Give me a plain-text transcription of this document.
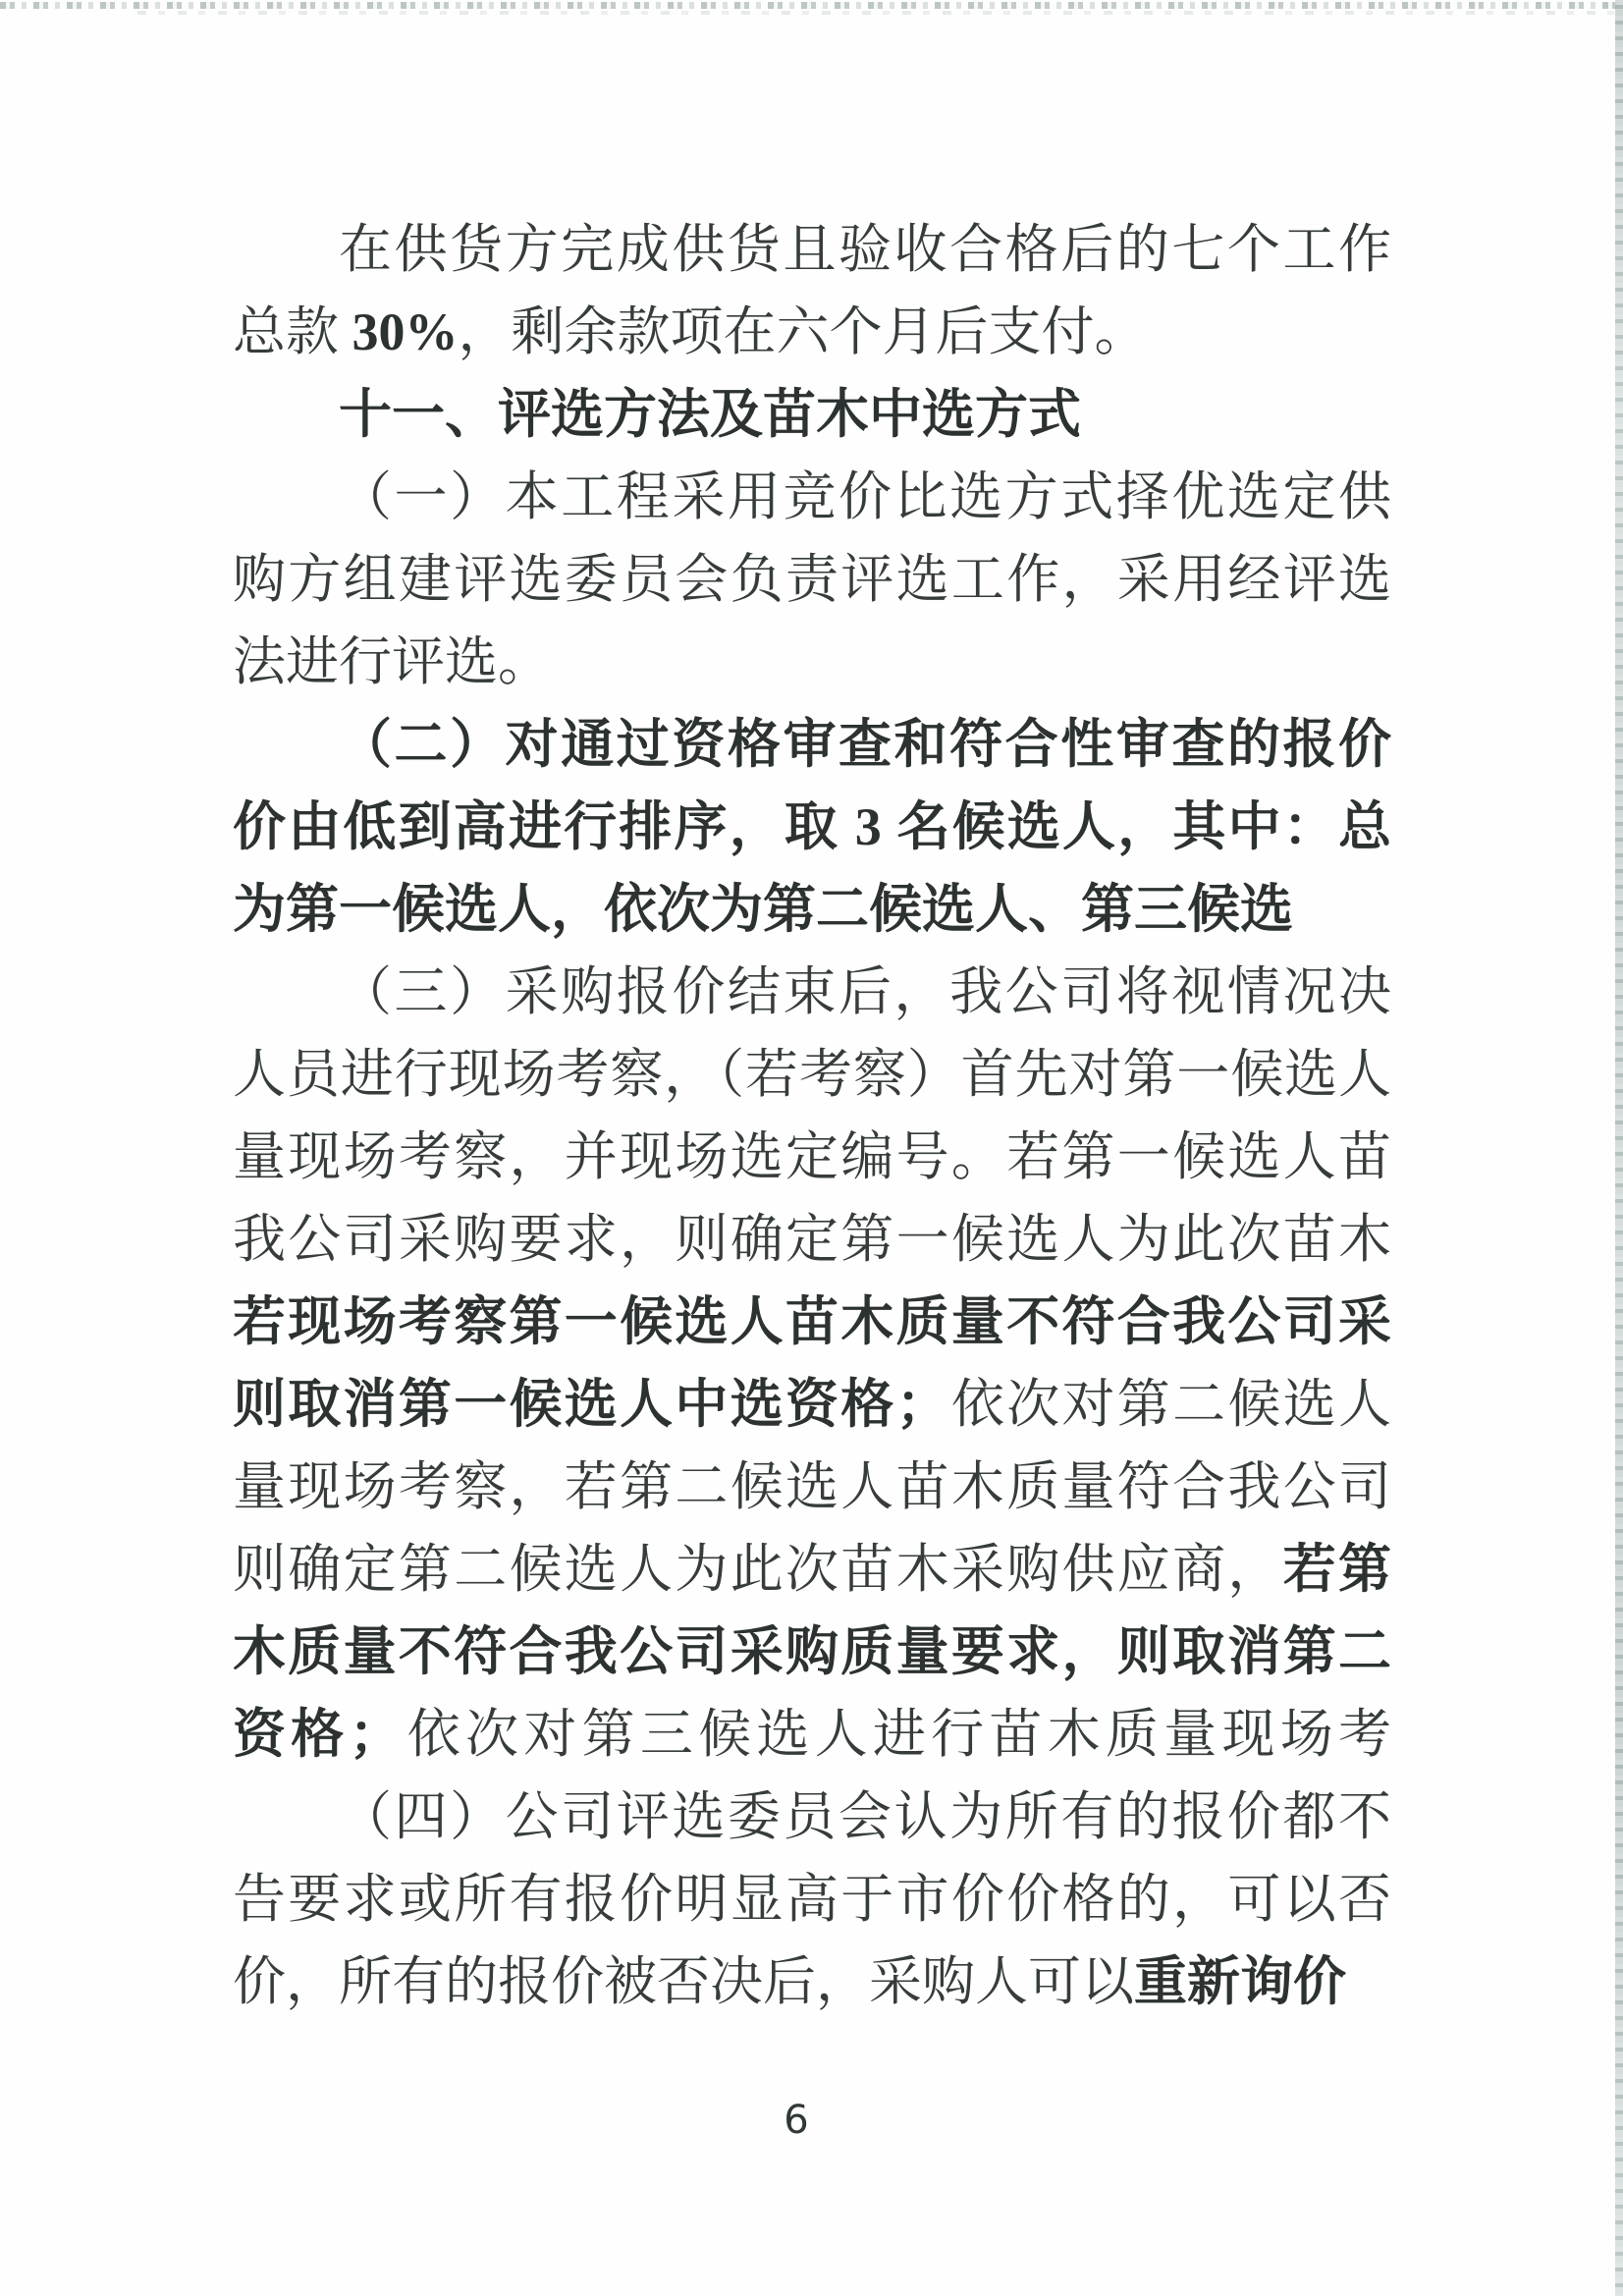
在供货方完成供货且验收合格后的七个工作
总款 30%，剩余款项在六个月后支付。
十一、评选方法及苗木中选方式
（一）本工程采用竞价比选方式择优选定供
购方组建评选委员会负责评选工作，采用经评选
法进行评选。
（二）对通过资格审查和符合性审查的报价
价由低到高进行排序，取 3 名候选人，其中：总
为第一候选人，依次为第二候选人、第三候选
（三）采购报价结束后，我公司将视情况决
人员进行现场考察，（若考察）首先对第一候选人
量现场考察，并现场选定编号。若第一候选人苗
我公司采购要求，则确定第一候选人为此次苗木
若现场考察第一候选人苗木质量不符合我公司采
则取消第一候选人中选资格；依次对第二候选人
量现场考察，若第二候选人苗木质量符合我公司
则确定第二候选人为此次苗木采购供应商，若第
木质量不符合我公司采购质量要求，则取消第二
资格；依次对第三候选人进行苗木质量现场考
（四）公司评选委员会认为所有的报价都不
告要求或所有报价明显高于市价价格的，可以否
价，所有的报价被否决后，采购人可以重新询价
6
